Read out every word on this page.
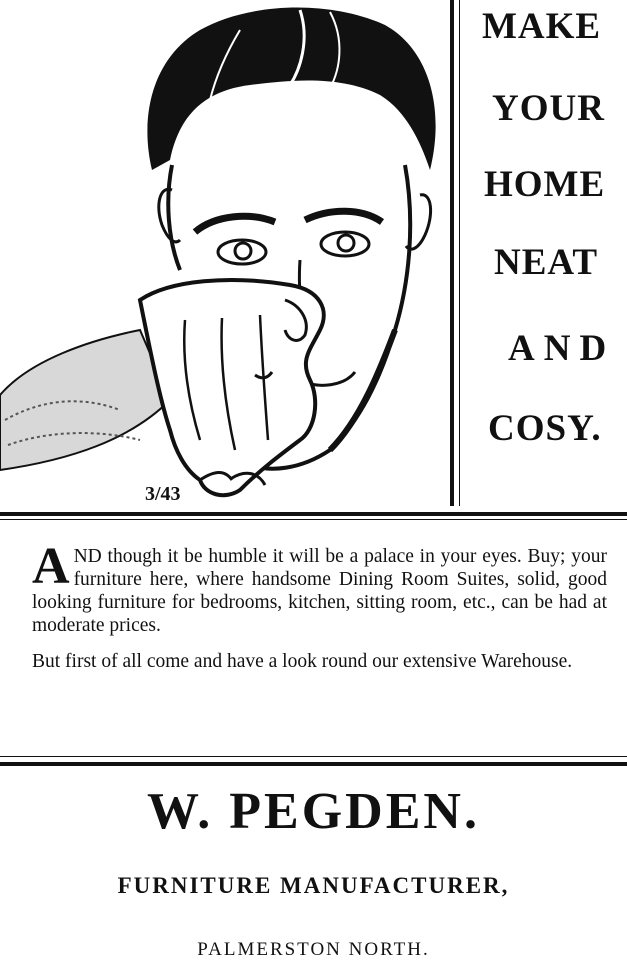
3/43
MAKE
YOUR
HOME
NEAT
AND
COSY.

AND though it be humble it will be a palace in your eyes. Buy; your furniture here, where handsome Dining Room Suites, solid, good looking furniture for bedrooms, kitchen, sitting room, etc., can be had at moderate prices.

But first of all come and have a look round our extensive Warehouse.

W. PEGDEN.
FURNITURE MANUFACTURER,
PALMERSTON NORTH.
